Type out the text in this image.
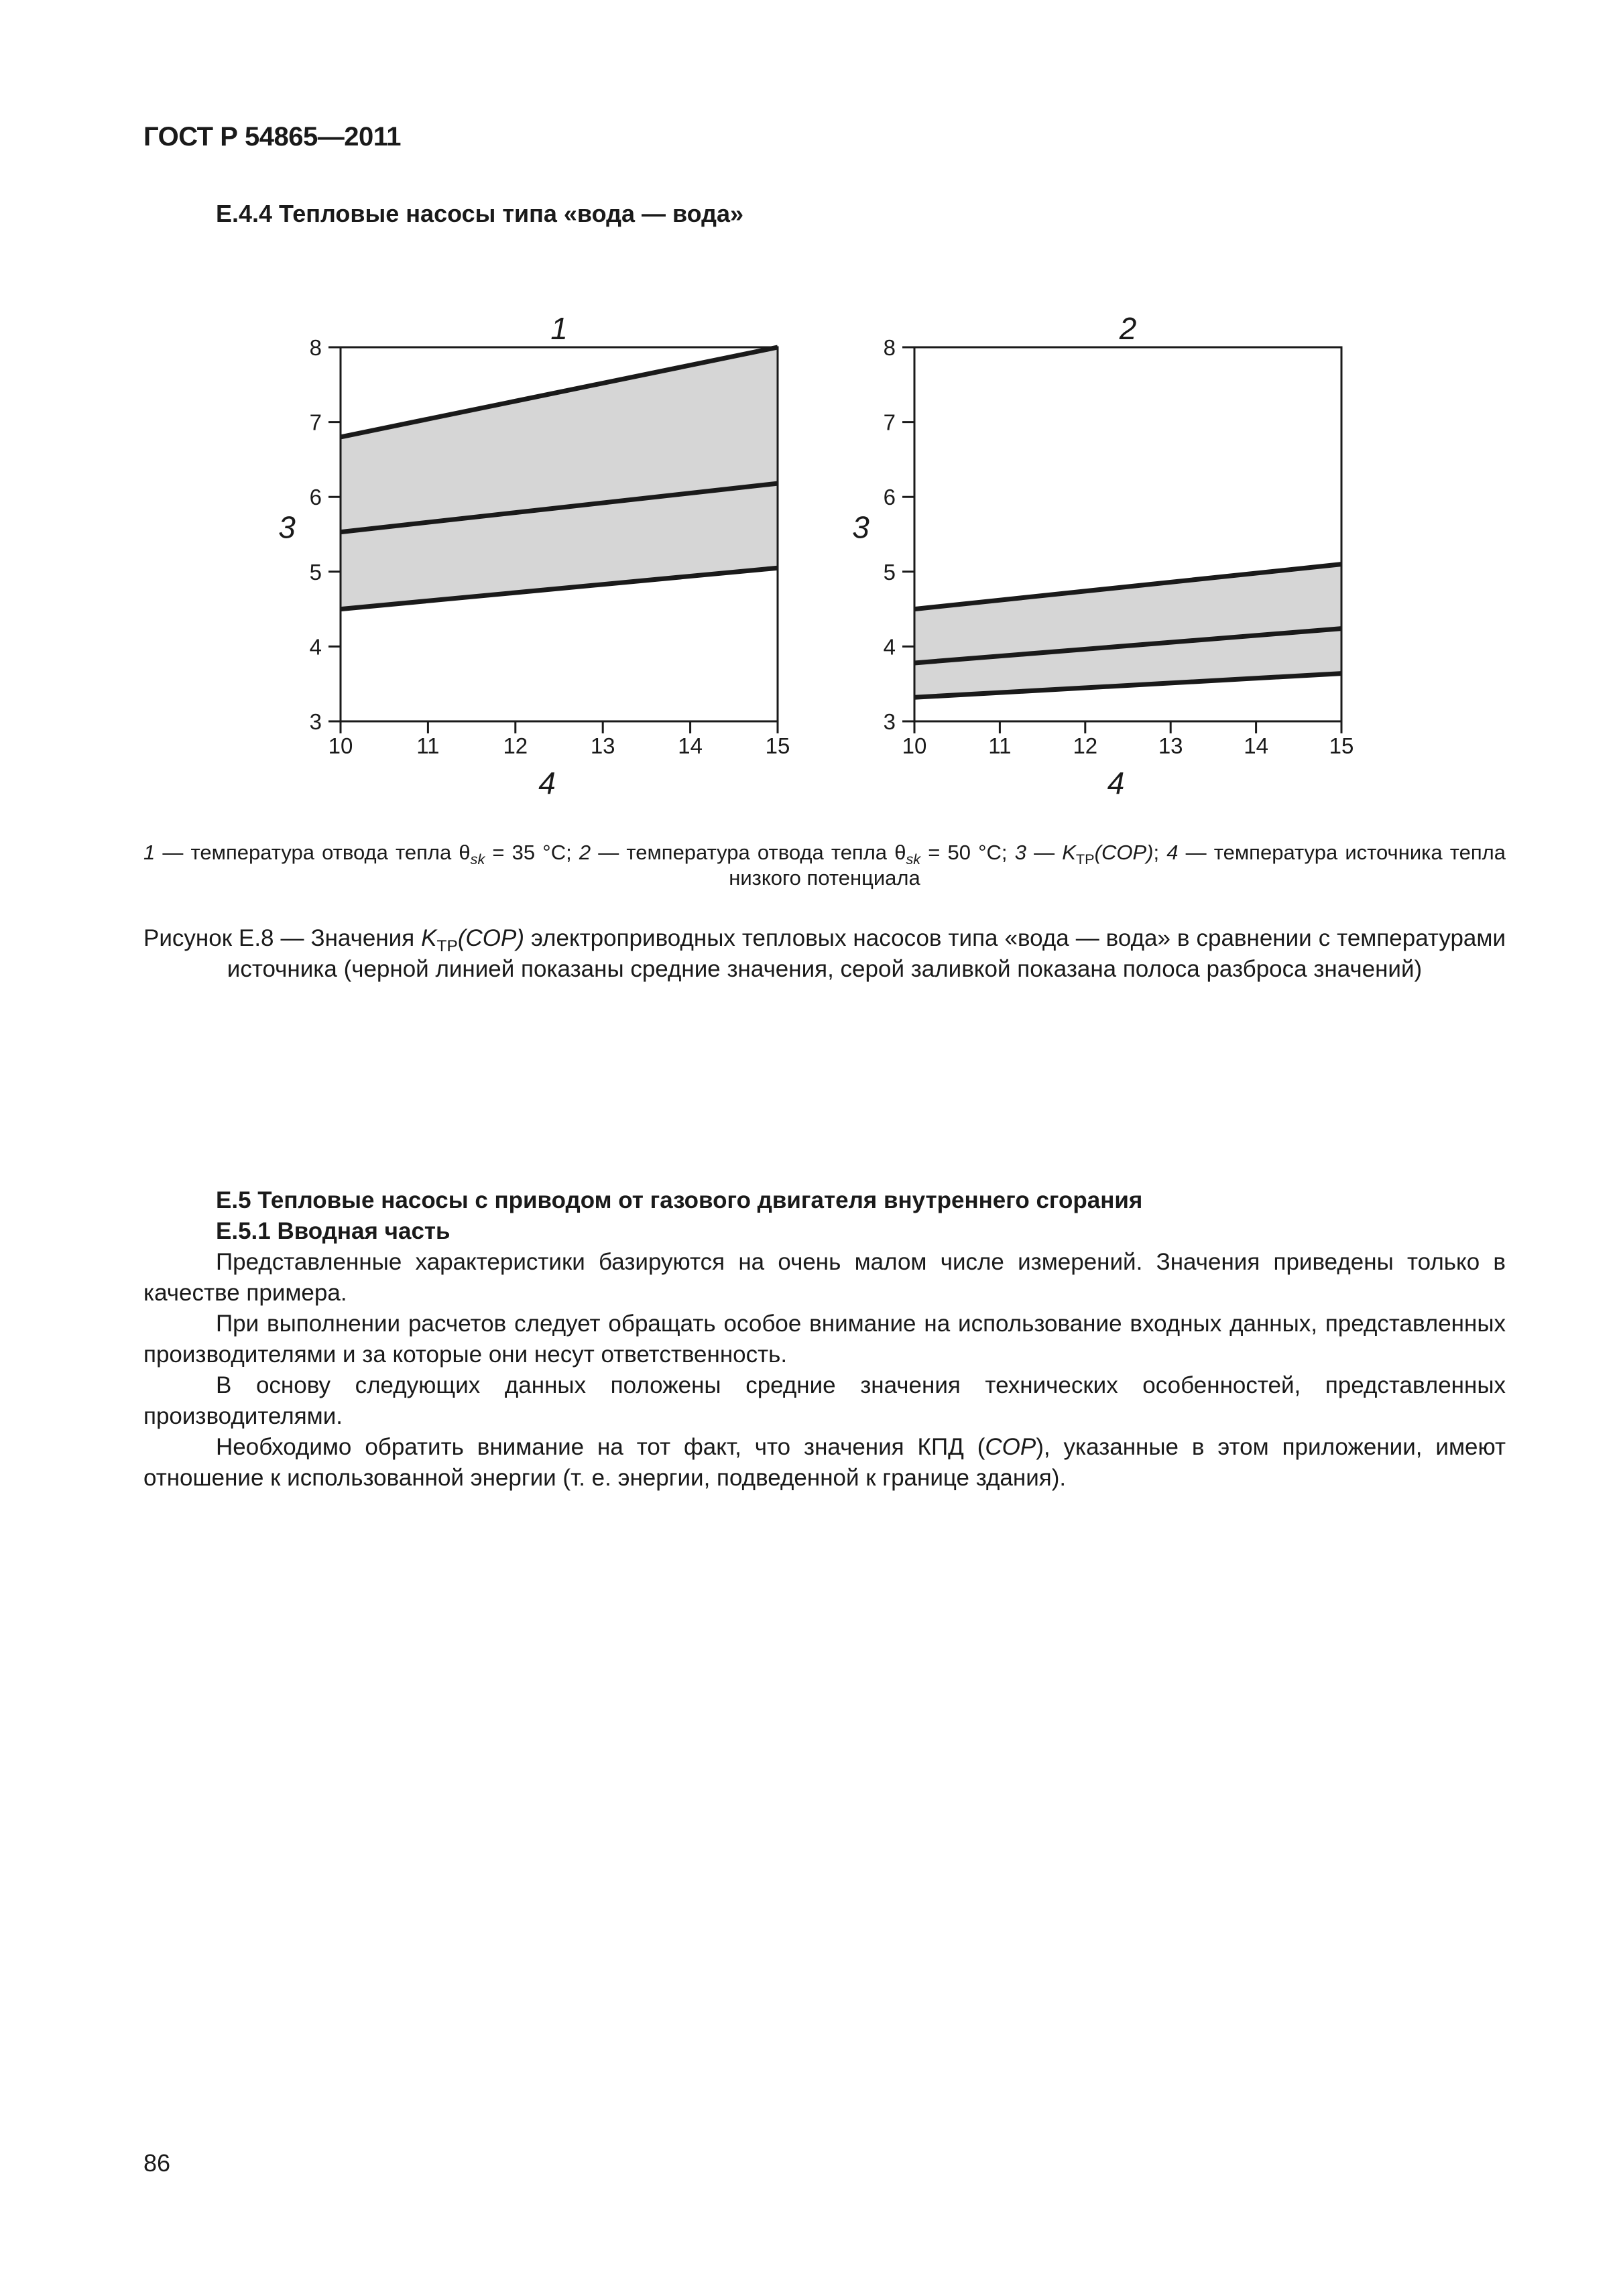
ГОСТ Р 54865—2011
Е.4.4 Тепловые насосы типа «вода — вода»
3
4
5
6
7
8
10	11	12	13	14	15
1
3
4
3
4
5
6
7
8
10	11	12	13	14	15
2
3
4
1 — температура отвода тепла $\theta_{sk} = 35$ °С; 2 — температура отвода тепла $\theta_{sk} = 50$ °С; 3 — $K_{ТР}(COP)$; 4 — температура источника тепла низкого потенциала
Рисунок Е.8 — Значения $K_{ТР}(COP)$ электроприводных тепловых насосов типа «вода — вода» в сравнении с температурами источника (черной линией показаны средние значения, серой заливкой показана полоса разброса значений)
Е.5 Тепловые насосы с приводом от газового двигателя внутреннего сгорания
Е.5.1 Вводная часть

Представленные характеристики базируются на очень малом числе измерений. Значения приведены только в качестве примера.

При выполнении расчетов следует обращать особое внимание на использование входных данных, представленных производителями и за которые они несут ответственность.

В основу следующих данных положены средние значения технических особенностей, представленных производителями.

Необходимо обратить внимание на тот факт, что значения КПД (COP), указанные в этом приложении, имеют отношение к использованной энергии (т. е. энергии, подведенной к границе здания).

86
